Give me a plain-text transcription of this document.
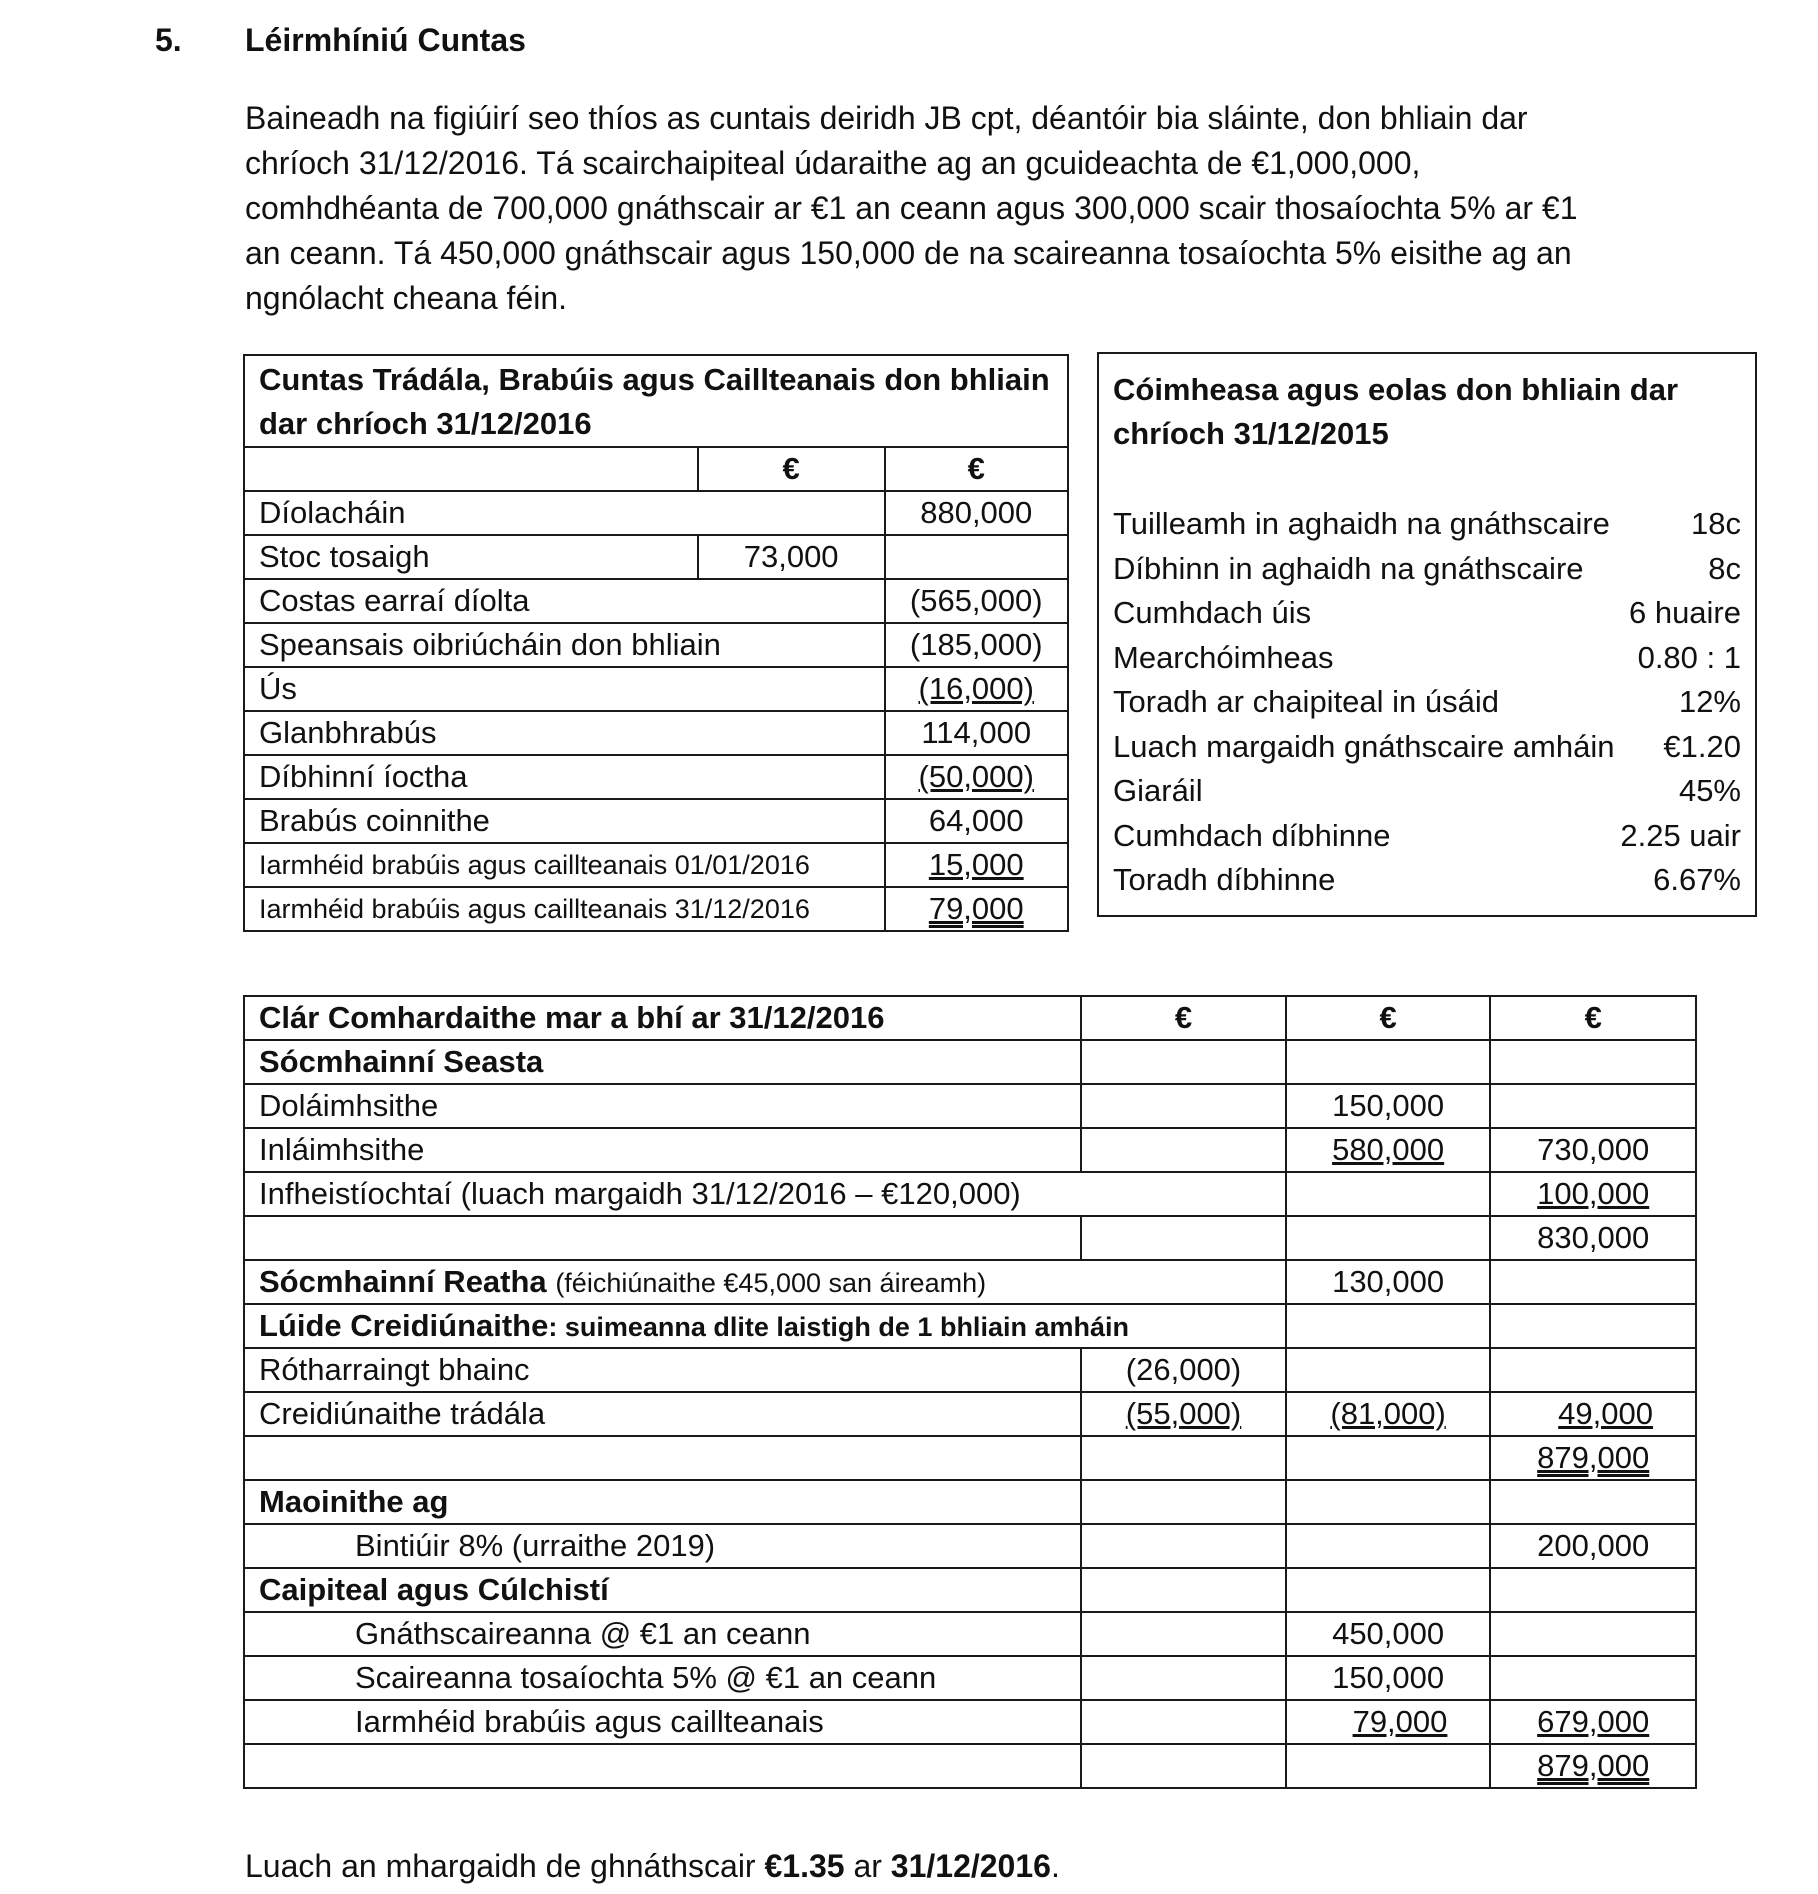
5. Léirmhíniú Cuntas
Baineadh na figiúirí seo thíos as cuntais deiridh JB cpt, déantóir bia sláinte, don bhliain dar
chríoch 31/12/2016. Tá scairchaipiteal údaraithe ag an gcuideachta de €1,000,000,
comhdhéanta de 700,000 gnáthscair ar €1 an ceann agus 300,000 scair thosaíochta 5% ar €1
an ceann. Tá 450,000 gnáthscair agus 150,000 de na scaireanna tosaíochta 5% eisithe ag an
ngnólacht cheana féin.
Cuntas Trádála, Brabúis agus Caillteanais don bhliain dar chríoch 31/12/2016		
	€	€
Díolacháin		880,000
Stoc tosaigh	73,000	
Costas earraí díolta		(565,000)
Speansais oibriúcháin don bhliain		(185,000)
Ús		(16,000)
Glanbhrabús		114,000
Díbhinní íoctha		(50,000)
Brabús coinnithe		64,000
Iarmhéid brabúis agus caillteanais 01/01/2016		15,000
Iarmhéid brabúis agus caillteanais 31/12/2016		79,000
Cóimheasa agus eolas don bhliain dar
chríoch 31/12/2015
Tuilleamh in aghaidh na gnáthscaire	18c
Díbhinn in aghaidh na gnáthscaire	8c
Cumhdach úis	6 huaire
Mearchóimheas	0.80 : 1
Toradh ar chaipiteal in úsáid	12%
Luach margaidh gnáthscaire amháin €1.20
Giaráil	45%
Cumhdach díbhinne	2.25 uair
Toradh díbhinne	6.67%
Clár Comhardaithe mar a bhí ar 31/12/2016	€	€	€
Sócmhainní Seasta			
Doláimhsithe		150,000	
Inláimhsithe		580,000	730,000
Infheistíochtaí (luach margaidh 31/12/2016 – €120,000)			100,000
			830,000
Sócmhainní Reatha (féichiúnaithe €45,000 san áireamh)		130,000	
Lúide Creidiúnaithe: suimeanna dlite laistigh de 1 bhliain amháin			
Rótharraingt bhainc	(26,000)		
Creidiúnaithe trádála	(55,000)	(81,000)	49,000
			879,000
Maoinithe ag			
Bintiúir 8% (urraithe 2019)			200,000
Caipiteal agus Cúlchistí			
Gnáthscaireanna @ €1 an ceann		450,000	
Scaireanna tosaíochta 5% @ €1 an ceann		150,000	
Iarmhéid brabúis agus caillteanais		79,000	679,000
			879,000
Luach an mhargaidh de ghnáthscair €1.35 ar 31/12/2016.
